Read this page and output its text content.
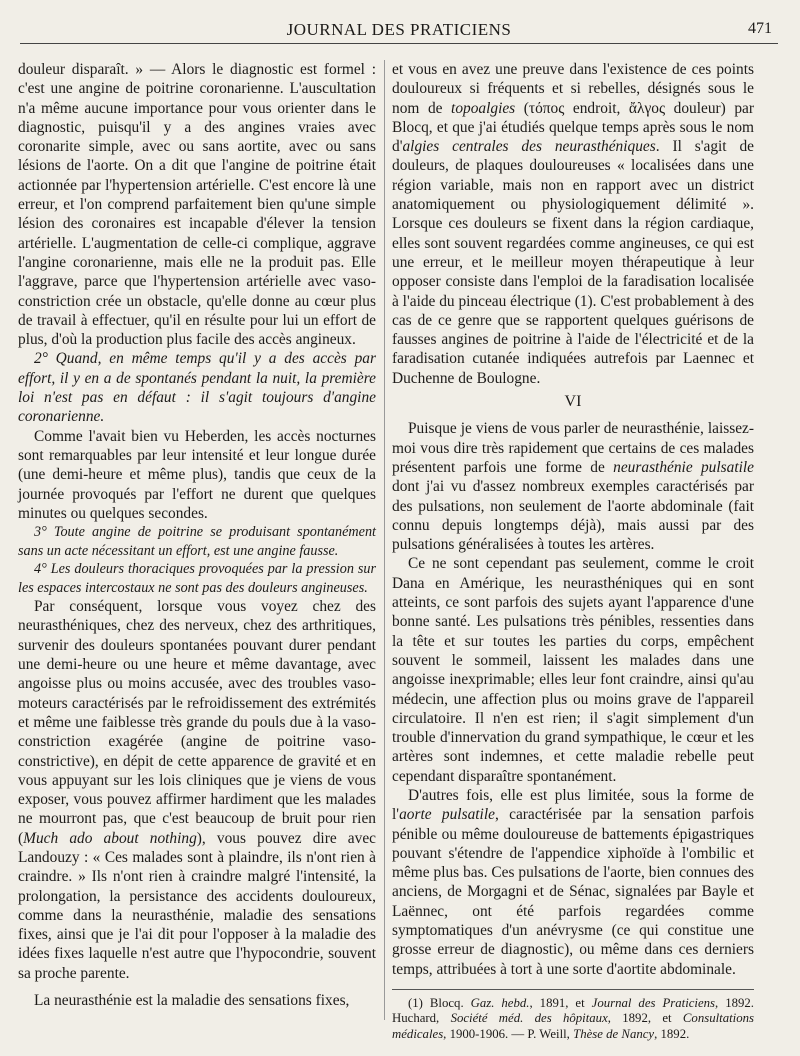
JOURNAL DES PRATICIENS	471

douleur disparaît. » — Alors le diagnostic est formel : c'est une angine de poitrine coronarienne. L'auscultation n'a même aucune importance pour vous orienter dans le diagnostic, puisqu'il y a des angines vraies avec coronarite simple, avec ou sans aortite, avec ou sans lésions de l'aorte. On a dit que l'angine de poitrine était actionnée par l'hypertension artérielle. C'est encore là une erreur, et l'on comprend parfaitement bien qu'une simple lésion des coronaires est incapable d'élever la tension artérielle. L'augmentation de celle-ci complique, aggrave l'angine coronarienne, mais elle ne la produit pas. Elle l'aggrave, parce que l'hypertension artérielle avec vaso-constriction crée un obstacle, qu'elle donne au cœur plus de travail à effectuer, qu'il en résulte pour lui un effort de plus, d'où la production plus facile des accès angineux.

2° Quand, en même temps qu'il y a des accès par effort, il y en a de spontanés pendant la nuit, la première loi n'est pas en défaut : il s'agit toujours d'angine coronarienne.

Comme l'avait bien vu Heberden, les accès nocturnes sont remarquables par leur intensité et leur longue durée (une demi-heure et même plus), tandis que ceux de la journée provoqués par l'effort ne durent que quelques minutes ou quelques secondes.

3° Toute angine de poitrine se produisant spontanément sans un acte nécessitant un effort, est une angine fausse.

4° Les douleurs thoraciques provoquées par la pression sur les espaces intercostaux ne sont pas des douleurs angineuses.

Par conséquent, lorsque vous voyez chez des neurasthéniques, chez des nerveux, chez des arthritiques, survenir des douleurs spontanées pouvant durer pendant une demi-heure ou une heure et même davantage, avec angoisse plus ou moins accusée, avec des troubles vaso-moteurs caractérisés par le refroidissement des extrémités et même une faiblesse très grande du pouls due à la vaso-constriction exagérée (angine de poitrine vaso-constrictive), en dépit de cette apparence de gravité et en vous appuyant sur les lois cliniques que je viens de vous exposer, vous pouvez affirmer hardiment que les malades ne mourront pas, que c'est beaucoup de bruit pour rien (Much ado about nothing), vous pouvez dire avec Landouzy : « Ces malades sont à plaindre, ils n'ont rien à craindre. » Ils n'ont rien à craindre malgré l'intensité, la prolongation, la persistance des accidents douloureux, comme dans la neurasthénie, maladie des sensations fixes, ainsi que je l'ai dit pour l'opposer à la maladie des idées fixes laquelle n'est autre que l'hypocondrie, souvent sa proche parente.

La neurasthénie est la maladie des sensations fixes,

et vous en avez une preuve dans l'existence de ces points douloureux si fréquents et si rebelles, désignés sous le nom de topoalgies (τόπος endroit, ἄλγος douleur) par Blocq, et que j'ai étudiés quelque temps après sous le nom d'algies centrales des neurasthéniques. Il s'agit de douleurs, de plaques douloureuses « localisées dans une région variable, mais non en rapport avec un district anatomiquement ou physiologiquement délimité ». Lorsque ces douleurs se fixent dans la région cardiaque, elles sont souvent regardées comme angineuses, ce qui est une erreur, et le meilleur moyen thérapeutique à leur opposer consiste dans l'emploi de la faradisation localisée à l'aide du pinceau électrique (1). C'est probablement à des cas de ce genre que se rapportent quelques guérisons de fausses angines de poitrine à l'aide de l'électricité et de la faradisation cutanée indiquées autrefois par Laennec et Duchenne de Boulogne.

VI

Puisque je viens de vous parler de neurasthénie, laissez-moi vous dire très rapidement que certains de ces malades présentent parfois une forme de neurasthénie pulsatile dont j'ai vu d'assez nombreux exemples caractérisés par des pulsations, non seulement de l'aorte abdominale (fait connu depuis longtemps déjà), mais aussi par des pulsations généralisées à toutes les artères.

Ce ne sont cependant pas seulement, comme le croit Dana en Amérique, les neurasthéniques qui en sont atteints, ce sont parfois des sujets ayant l'apparence d'une bonne santé. Les pulsations très pénibles, ressenties dans la tête et sur toutes les parties du corps, empêchent souvent le sommeil, laissent les malades dans une angoisse inexprimable; elles leur font craindre, ainsi qu'au médecin, une affection plus ou moins grave de l'appareil circulatoire. Il n'en est rien; il s'agit simplement d'un trouble d'innervation du grand sympathique, le cœur et les artères sont indemnes, et cette maladie rebelle peut cependant disparaître spontanément.

D'autres fois, elle est plus limitée, sous la forme de l'aorte pulsatile, caractérisée par la sensation parfois pénible ou même douloureuse de battements épigastriques pouvant s'étendre de l'appendice xiphoïde à l'ombilic et même plus bas. Ces pulsations de l'aorte, bien connues des anciens, de Morgagni et de Sénac, signalées par Bayle et Laënnec, ont été parfois regardées comme symptomatiques d'un anévrysme (ce qui constitue une grosse erreur de diagnostic), ou même dans ces derniers temps, attribuées à tort à une sorte d'aortite abdominale.

(1) Blocq. Gaz. hebd., 1891, et Journal des Praticiens, 1892. Huchard, Société méd. des hôpitaux, 1892, et Consultations médicales, 1900-1906. — P. Weill, Thèse de Nancy, 1892.
